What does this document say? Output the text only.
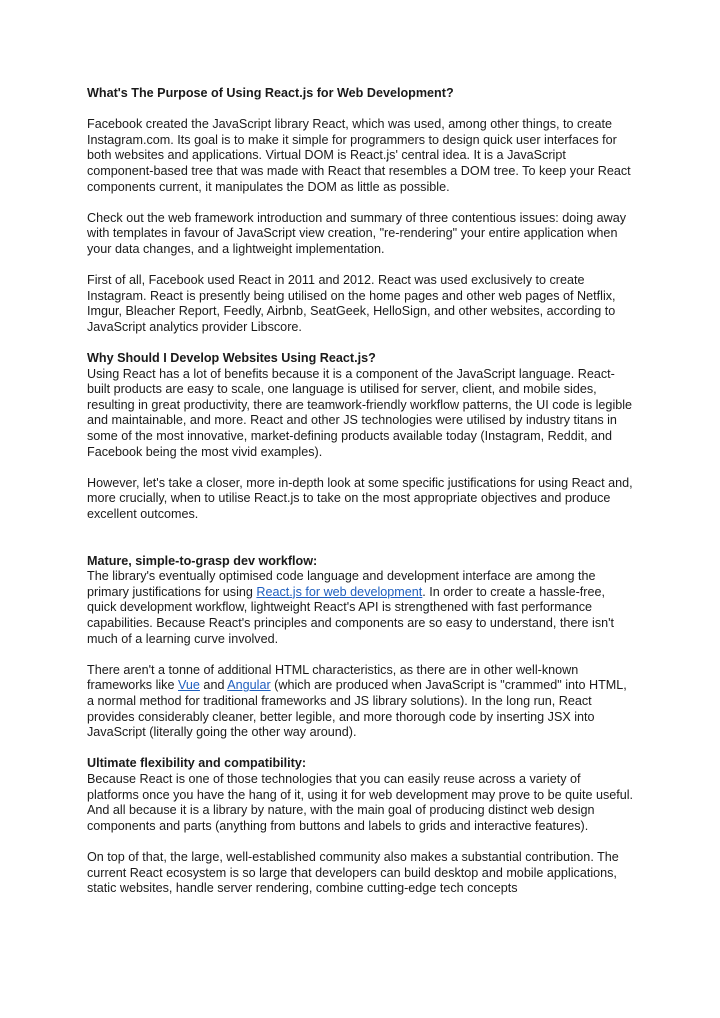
What's The Purpose of Using React.js for Web Development?

Facebook created the JavaScript library React, which was used, among other things, to create Instagram.com. Its goal is to make it simple for programmers to design quick user interfaces for both websites and applications. Virtual DOM is React.js' central idea. It is a JavaScript component-based tree that was made with React that resembles a DOM tree. To keep your React components current, it manipulates the DOM as little as possible.

Check out the web framework introduction and summary of three contentious issues: doing away with templates in favour of JavaScript view creation, "re-rendering" your entire application when your data changes, and a lightweight implementation.

First of all, Facebook used React in 2011 and 2012. React was used exclusively to create Instagram. React is presently being utilised on the home pages and other web pages of Netflix, Imgur, Bleacher Report, Feedly, Airbnb, SeatGeek, HelloSign, and other websites, according to JavaScript analytics provider Libscore.

Why Should I Develop Websites Using React.js?

Using React has a lot of benefits because it is a component of the JavaScript language. React-built products are easy to scale, one language is utilised for server, client, and mobile sides, resulting in great productivity, there are teamwork-friendly workflow patterns, the UI code is legible and maintainable, and more. React and other JS technologies were utilised by industry titans in some of the most innovative, market-defining products available today (Instagram, Reddit, and Facebook being the most vivid examples).

However, let's take a closer, more in-depth look at some specific justifications for using React and, more crucially, when to utilise React.js to take on the most appropriate objectives and produce excellent outcomes.

Mature, simple-to-grasp dev workflow:

The library's eventually optimised code language and development interface are among the primary justifications for using React.js for web development. In order to create a hassle-free, quick development workflow, lightweight React's API is strengthened with fast performance capabilities. Because React's principles and components are so easy to understand, there isn't much of a learning curve involved.

There aren't a tonne of additional HTML characteristics, as there are in other well-known frameworks like Vue and Angular (which are produced when JavaScript is "crammed" into HTML, a normal method for traditional frameworks and JS library solutions). In the long run, React provides considerably cleaner, better legible, and more thorough code by inserting JSX into JavaScript (literally going the other way around).

Ultimate flexibility and compatibility:

Because React is one of those technologies that you can easily reuse across a variety of platforms once you have the hang of it, using it for web development may prove to be quite useful. And all because it is a library by nature, with the main goal of producing distinct web design components and parts (anything from buttons and labels to grids and interactive features).

On top of that, the large, well-established community also makes a substantial contribution. The current React ecosystem is so large that developers can build desktop and mobile applications, static websites, handle server rendering, combine cutting-edge tech concepts
